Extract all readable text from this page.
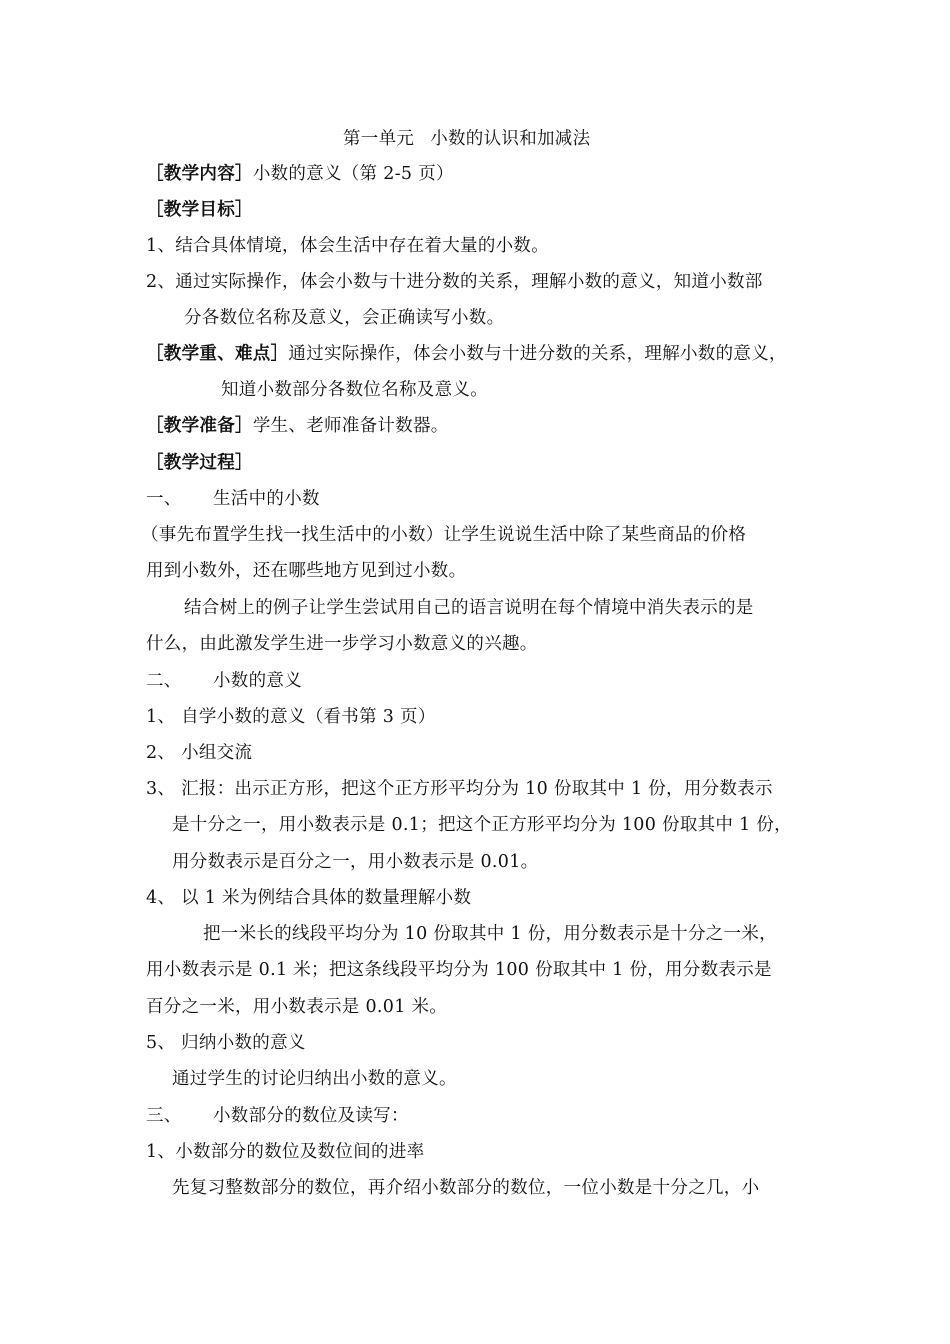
第一单元 小数的认识和加减法
［教学内容］小数的意义（第 2-5 页）
［教学目标］
1、结合具体情境，体会生活中存在着大量的小数。
2、通过实际操作，体会小数与十进分数的关系，理解小数的意义，知道小数部
分各数位名称及意义，会正确读写小数。
［教学重、难点］通过实际操作，体会小数与十进分数的关系，理解小数的意义，
知道小数部分各数位名称及意义。
［教学准备］学生、老师准备计数器。
［教学过程］
一、 生活中的小数
（事先布置学生找一找生活中的小数）让学生说说生活中除了某些商品的价格
用到小数外，还在哪些地方见到过小数。
结合树上的例子让学生尝试用自己的语言说明在每个情境中消失表示的是
什么，由此激发学生进一步学习小数意义的兴趣。
二、 小数的意义
1、 自学小数的意义（看书第 3 页）
2、 小组交流
3、 汇报：出示正方形，把这个正方形平均分为 10 份取其中 1 份，用分数表示
是十分之一，用小数表示是 0.1；把这个正方形平均分为 100 份取其中 1 份，
用分数表示是百分之一，用小数表示是 0.01。
4、 以 1 米为例结合具体的数量理解小数
把一米长的线段平均分为 10 份取其中 1 份，用分数表示是十分之一米，
用小数表示是 0.1 米；把这条线段平均分为 100 份取其中 1 份，用分数表示是
百分之一米，用小数表示是 0.01 米。
5、 归纳小数的意义
通过学生的讨论归纳出小数的意义。
三、 小数部分的数位及读写：
1、小数部分的数位及数位间的进率
先复习整数部分的数位，再介绍小数部分的数位，一位小数是十分之几，小
